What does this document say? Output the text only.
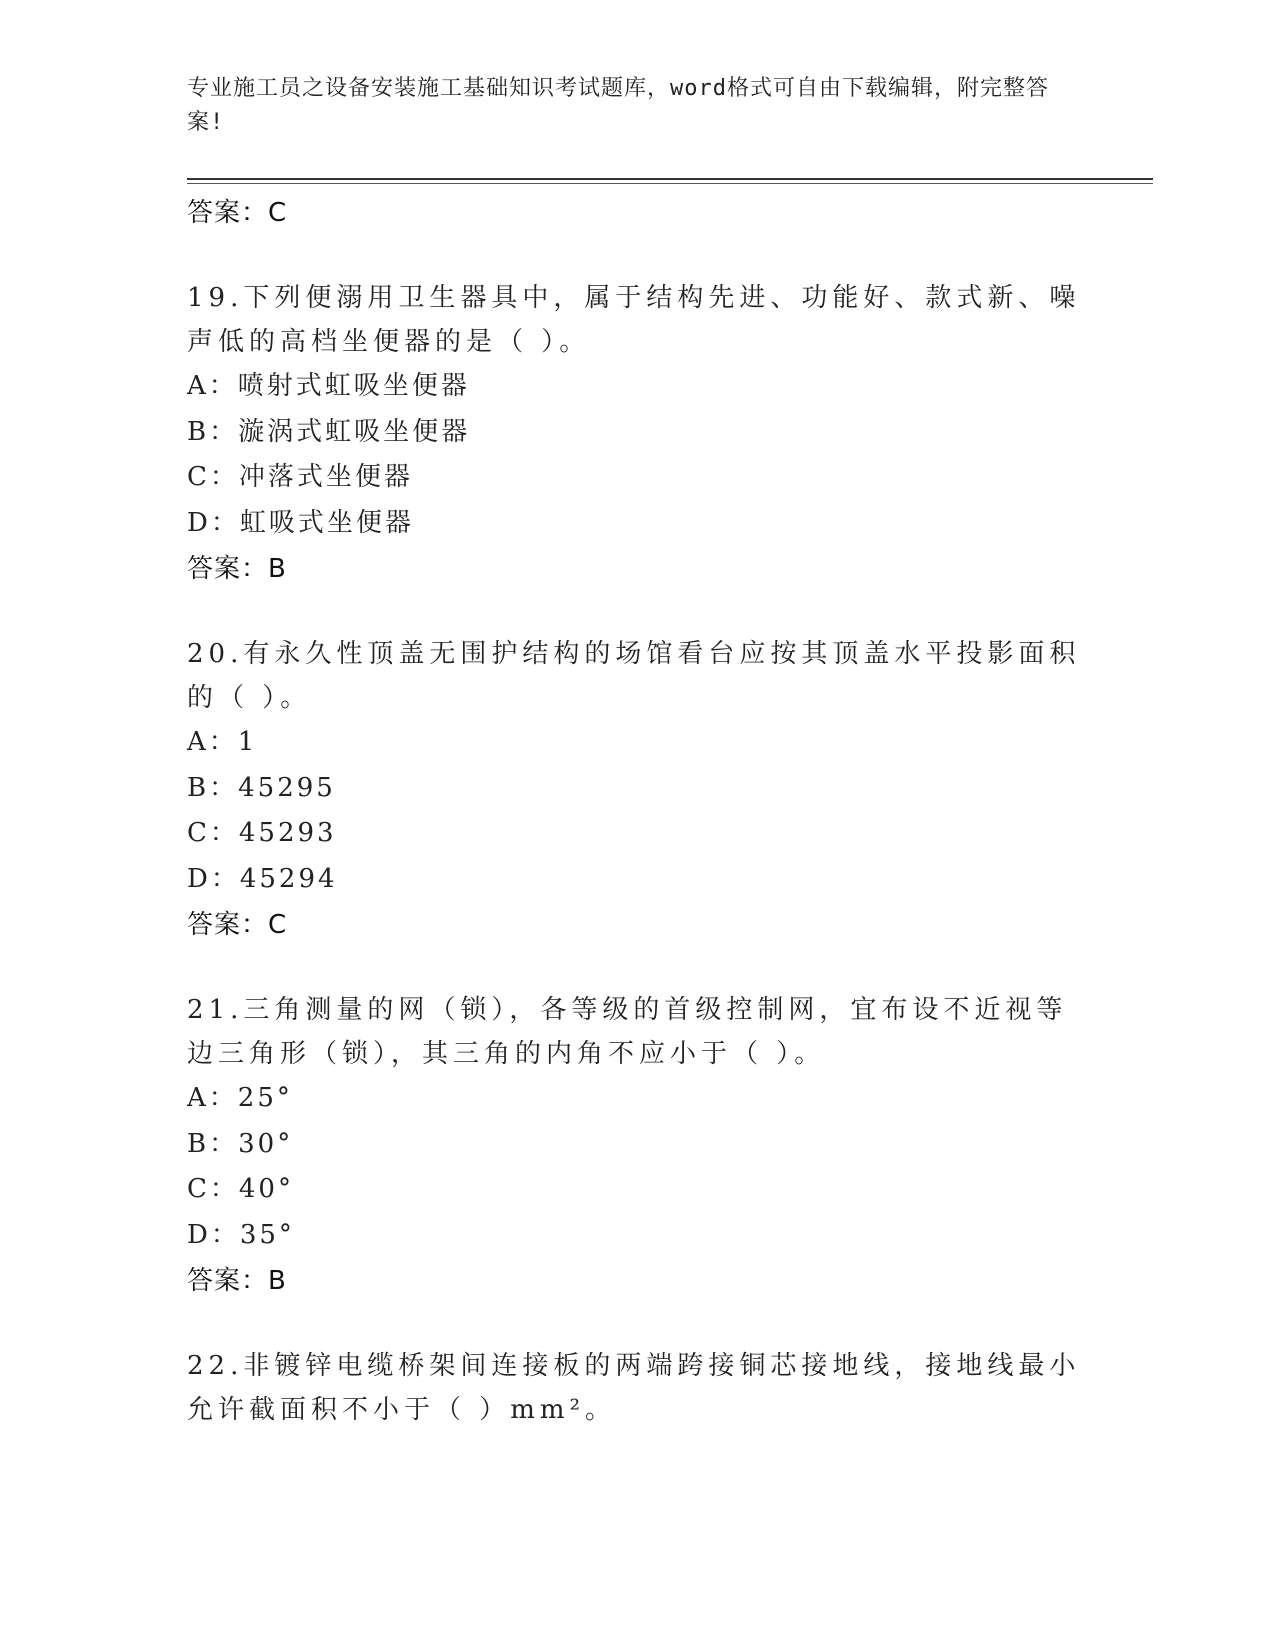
专业施工员之设备安装施工基础知识考试题库，word格式可自由下载编辑，附完整答案!
答案：C
19.下列便溺用卫生器具中，属于结构先进、功能好、款式新、噪声低的高档坐便器的是（ ）。
A：喷射式虹吸坐便器
B：漩涡式虹吸坐便器
C：冲落式坐便器
D：虹吸式坐便器
答案：B
20.有永久性顶盖无围护结构的场馆看台应按其顶盖水平投影面积的（ ）。
A：1
B：45295
C：45293
D：45294
答案：C
21.三角测量的网（锁），各等级的首级控制网，宜布设不近视等边三角形（锁），其三角的内角不应小于（ ）。
A：25°
B：30°
C：40°
D：35°
答案：B
22.非镀锌电缆桥架间连接板的两端跨接铜芯接地线，接地线最小允许截面积不小于（ ）mm²。
